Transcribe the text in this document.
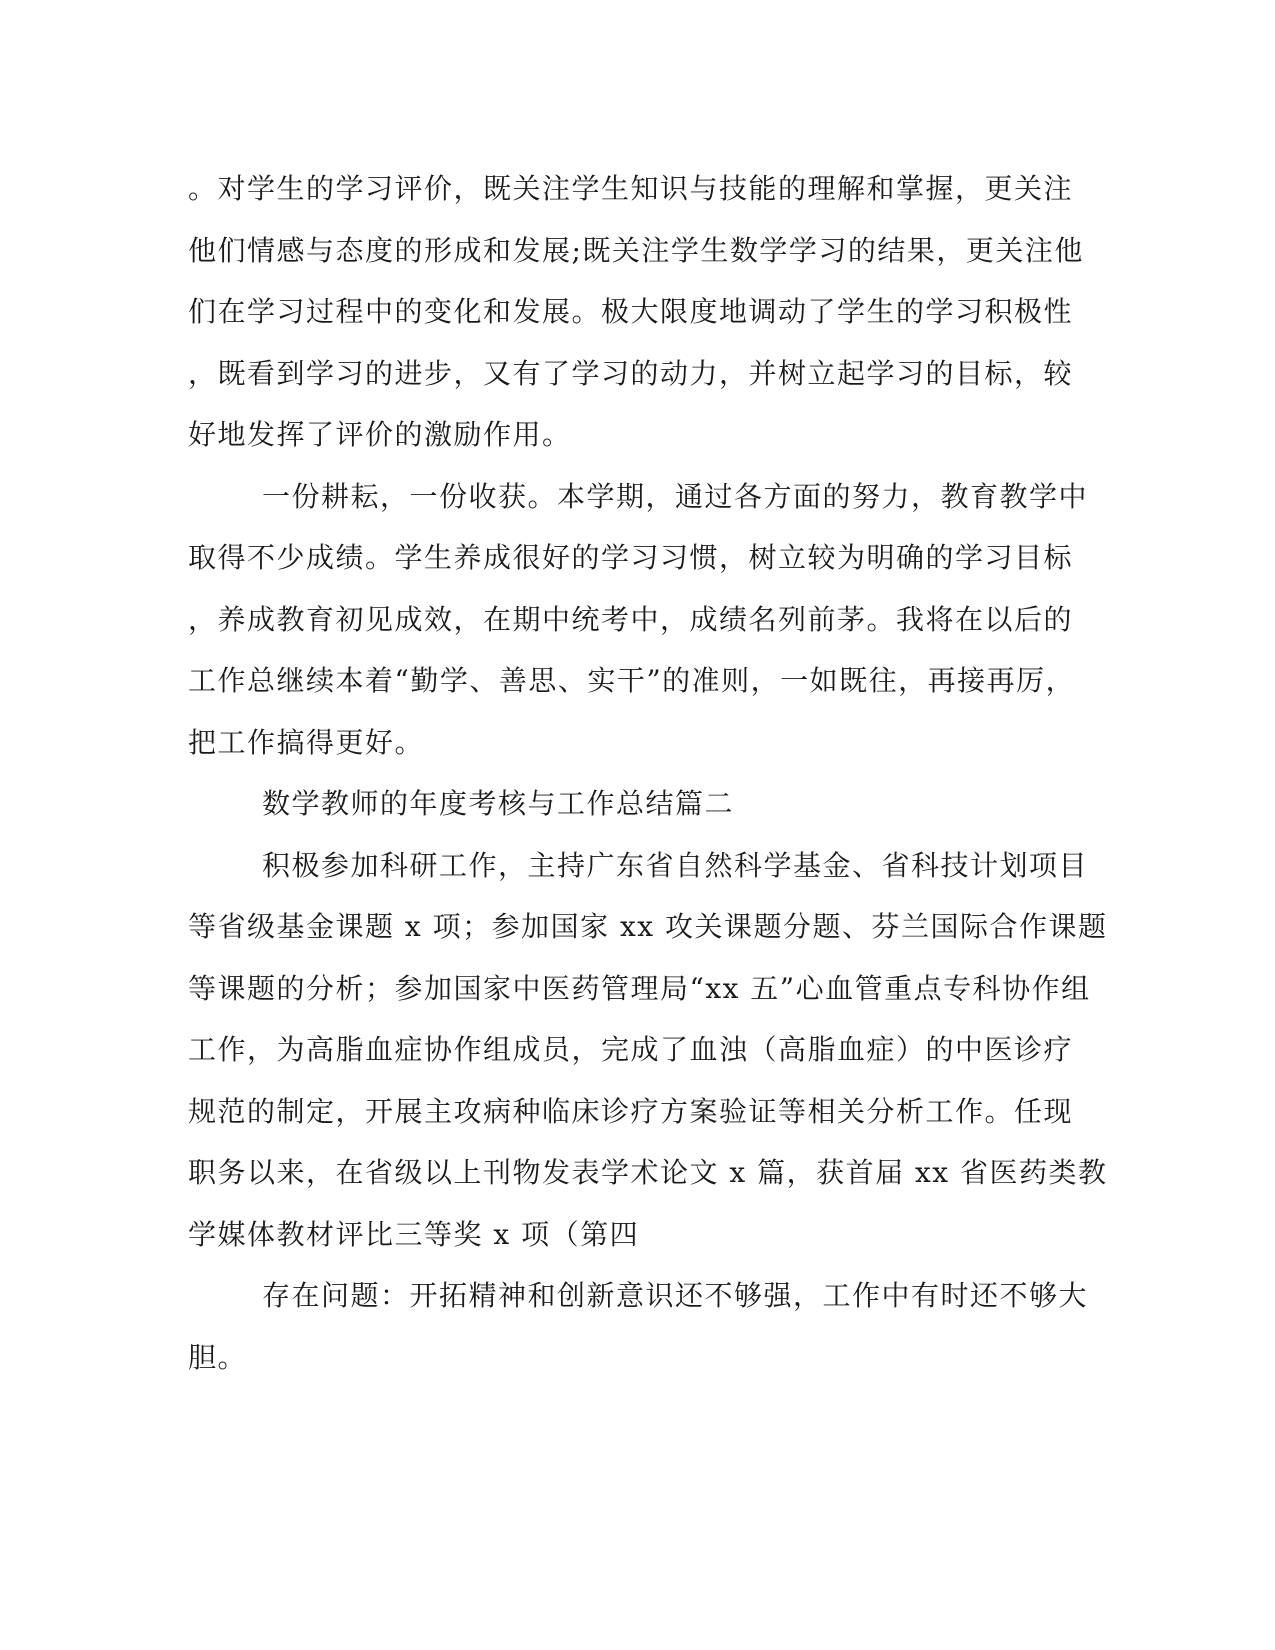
。对学生的学习评价，既关注学生知识与技能的理解和掌握，更关注
他们情感与态度的形成和发展;既关注学生数学学习的结果，更关注他
们在学习过程中的变化和发展。极大限度地调动了学生的学习积极性
，既看到学习的进步，又有了学习的动力，并树立起学习的目标，较
好地发挥了评价的激励作用。
一份耕耘，一份收获。本学期，通过各方面的努力，教育教学中
取得不少成绩。学生养成很好的学习习惯，树立较为明确的学习目标
，养成教育初见成效，在期中统考中，成绩名列前茅。我将在以后的
工作总继续本着“勤学、善思、实干”的准则，一如既往，再接再厉，
把工作搞得更好。
数学教师的年度考核与工作总结篇二
积极参加科研工作，主持广东省自然科学基金、省科技计划项目
等省级基金课题 x 项；参加国家 xx 攻关课题分题、芬兰国际合作课题
等课题的分析；参加国家中医药管理局“xx 五”心血管重点专科协作组
工作，为高脂血症协作组成员，完成了血浊（高脂血症）的中医诊疗
规范的制定，开展主攻病种临床诊疗方案验证等相关分析工作。任现
职务以来，在省级以上刊物发表学术论文 x 篇，获首届 xx 省医药类教
学媒体教材评比三等奖 x 项（第四
存在问题：开拓精神和创新意识还不够强，工作中有时还不够大
胆。
